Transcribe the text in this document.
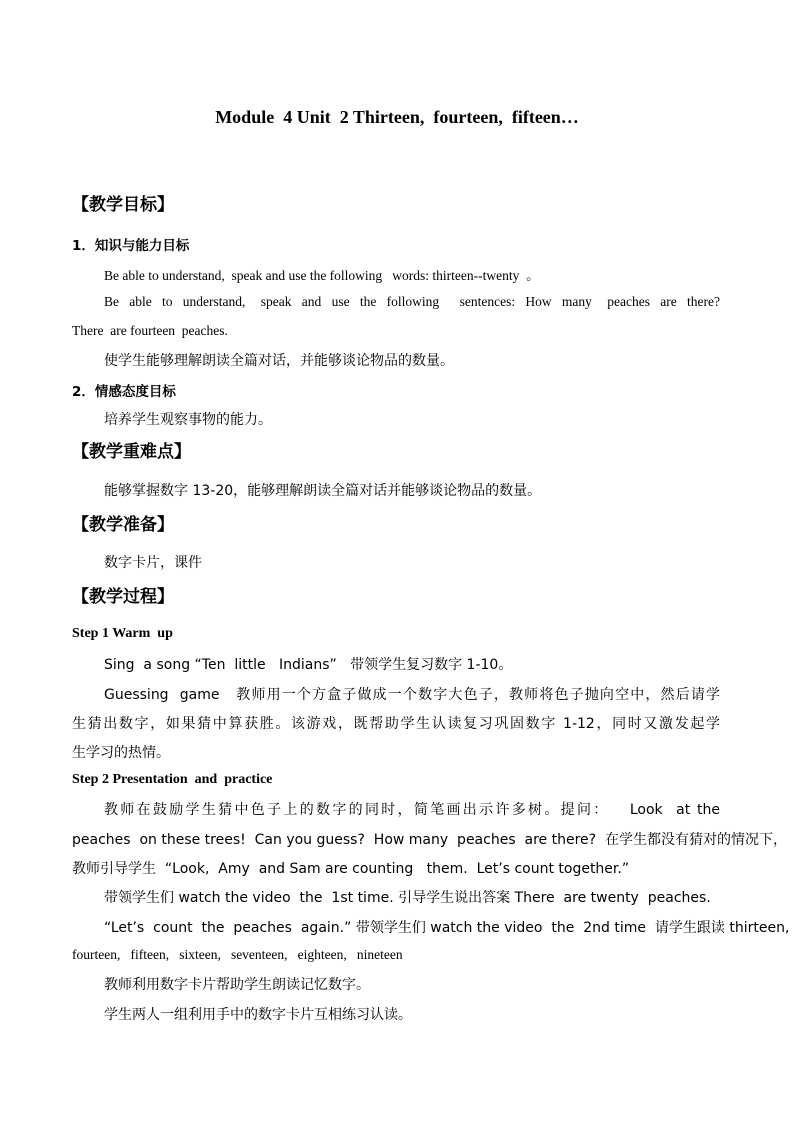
Module  4 Unit  2 Thirteen,  fourteen,  fifteen…
【教学目标】
1．知识与能力目标
Be able to understand,  speak and use the following   words: thirteen--twenty  。
Be  able  to  understand,   speak  and  use  the  following    sentences:  How  many   peaches  are  there?
There  are fourteen  peaches.
使学生能够理解朗读全篇对话，并能够谈论物品的数量。
2．情感态度目标
培养学生观察事物的能力。
【教学重难点】
能够掌握数字 13-20，能够理解朗读全篇对话并能够谈论物品的数量。
【教学准备】
数字卡片，课件
【教学过程】
Step 1 Warm  up
Sing  a song “Ten  little   Indians”   带领学生复习数字 1-10。
Guessing  game   教师用一个方盒子做成一个数字大色子，教师将色子抛向空中，然后请学
生猜出数字，如果猜中算获胜。该游戏，既帮助学生认读复习巩固数字 1-12，同时又激发起学
生学习的热情。
Step 2 Presentation  and  practice
教师在鼓励学生猜中色子上的数字的同时，简笔画出示许多树。提问：   Look  at the
peaches  on these trees!  Can you guess?  How many  peaches  are there?  在学生都没有猜对的情况下，
教师引导学生  “Look,  Amy  and Sam are counting   them.  Let’s count together.”
带领学生们 watch the video  the  1st time. 引导学生说出答案 There  are twenty  peaches.
“Let’s  count  the  peaches  again.” 带领学生们 watch the video  the  2nd time  请学生跟读 thirteen,
fourteen,   fifteen,   sixteen,   seventeen,   eighteen,   nineteen
教师利用数字卡片帮助学生朗读记忆数字。
学生两人一组利用手中的数字卡片互相练习认读。
